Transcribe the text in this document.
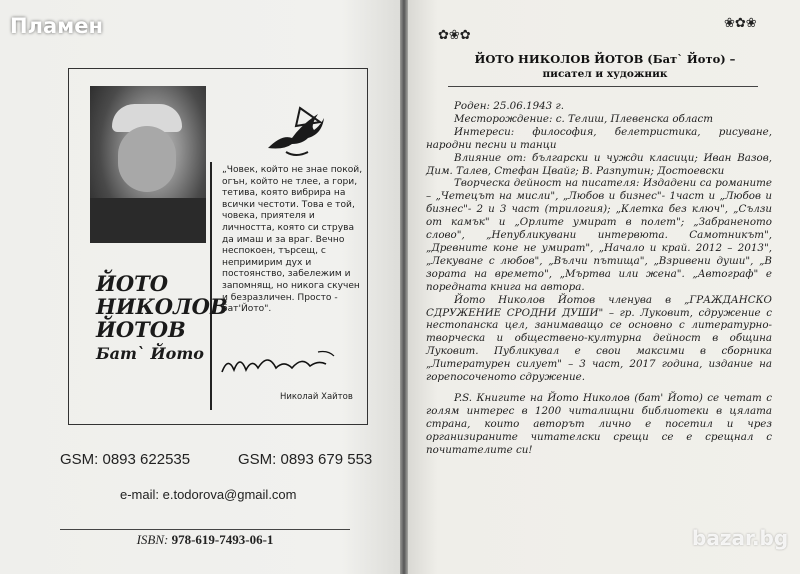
Пламен
„Човек, който не знае покой, огън, който не тлее, а гори, тетива, която вибрира на всички честоти. Това е той, човека, приятеля и личността, която си струва да имаш и за враг. Вечно неспокоен, търсещ, с непримирим дух и постоянство, забележим и запомнящ, но никога скучен и безразличен. Просто - бат'Йото".
Николай Хайтов
ЙОТО
НИКОЛОВ
ЙОТОВ
Бат` Йото
GSM: 0893 622535	GSM: 0893 679 553
e-mail: e.todorova@gmail.com
ISBN: 978-619-7493-06-1
✿❀✿
❀✿❀
ЙОТО НИКОЛОВ ЙОТОВ (Бат` Йото) –
писател и художник

Роден: 25.06.1943 г.

Месторождение: с. Телиш, Плевенска област

Интереси: философия, белетристика, рисуване, народни песни и танци

Влияние от: български и чужди класици; Иван Вазов, Дим. Талев, Стефан Цвайг; В. Разпутин; Достоевски

Творческа дейност на писателя: Издадени са романите – „Четецът на мисли", „Любов и бизнес"- 1част и „Любов и бизнес"- 2 и 3 част (трилогия); „Клетка без ключ", „Сълзи от камък" и „Орлите умират в полет"; „Забраненото слово", „Непубликувани интервюта. Самотникът", „Древните коне не умират", „Начало и край. 2012 – 2013", „Лекуване с любов", „Вълчи пътища", „Взривени души", „В зората на времето", „Мъртва или жена". „Автограф" е поредната книга на автора.

Йото Николов Йотов членува в „ГРАЖДАНСКО СДРУЖЕНИЕ СРОДНИ ДУШИ" – гр. Луковит, сдружение с нестопанска цел, занимаващо се основно с литературно-творческа и обществено-културна дейност в община Луковит. Публикувал е свои максими в сборника „Литературен силует" – 3 част, 2017 година, издание на горепосоченото сдружение.

P.S. Книгите на Йото Николов (бат' Йото) се четат с голям интерес в 1200 читалищни библиотеки в цялата страна, които авторът лично е посетил и чрез организираните читателски срещи се е срещнал с почитателите си!

bazar.bg
